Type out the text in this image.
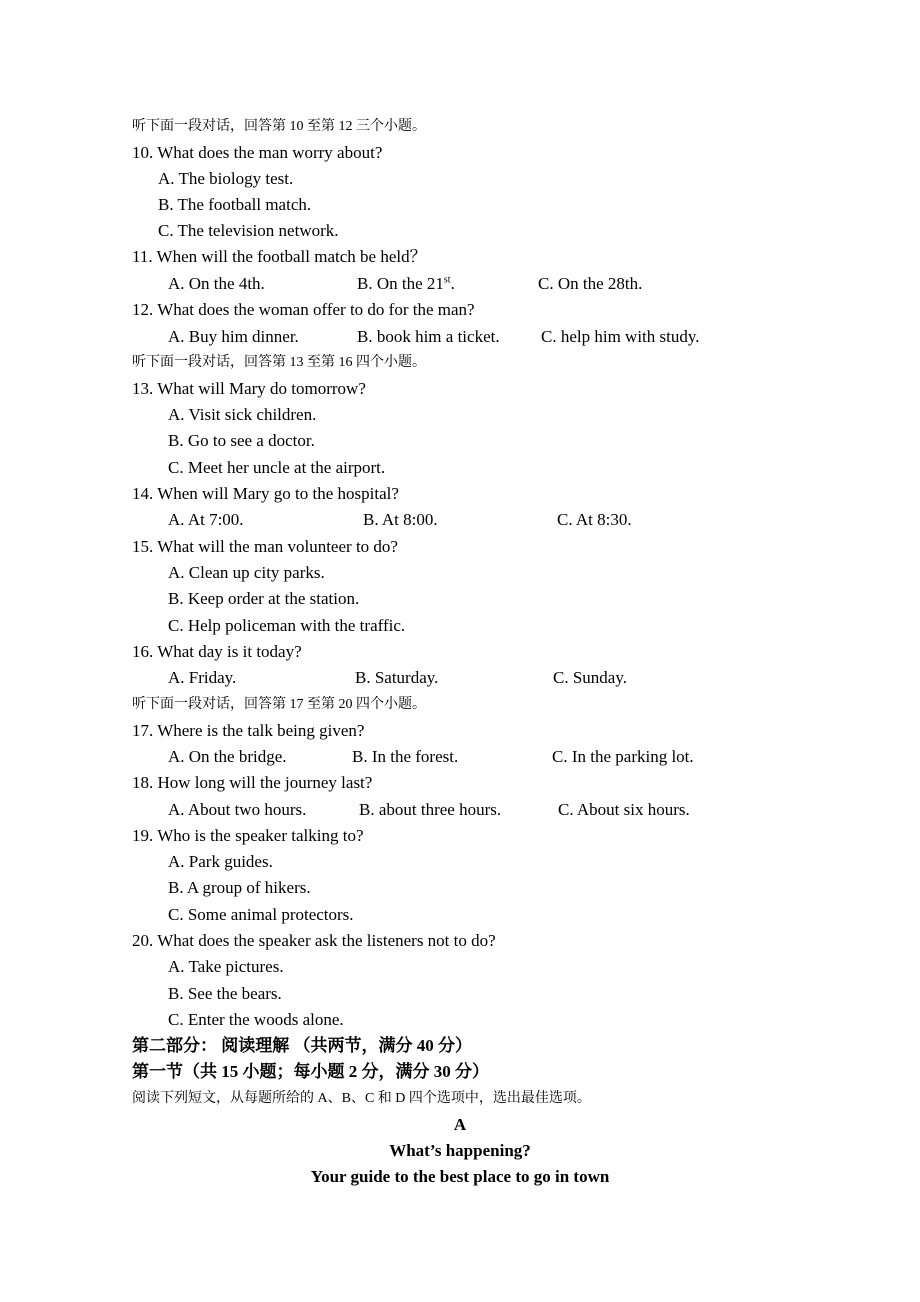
听下面一段对话，回答第 10 至第 12 三个小题。
10. What does the man worry about?
A. The biology test.
B. The football match.
C. The television network.
11. When will the football match be held？
A. On the 4th.	B. On the 21st.	C. On the 28th.
12. What does the woman offer to do for the man?
A. Buy him dinner.	B. book him a ticket. C. help him with study.
听下面一段对话，回答第 13 至第 16 四个小题。
13. What will Mary do tomorrow?
A. Visit sick children.
B. Go to see a doctor.
C. Meet her uncle at the airport.
14. When will Mary go to the hospital?
A. At 7:00.	B. At 8:00.	C. At 8:30.
15. What will the man volunteer to do?
A. Clean up city parks.
B. Keep order at the station.
C. Help policeman with the traffic.
16. What day is it today?
A. Friday.	B. Saturday.	C. Sunday.
听下面一段对话，回答第 17 至第 20 四个小题。
17. Where is the talk being given?
A. On the bridge.	B. In the forest.	C. In the parking lot.
18. How long will the journey last?
A. About two hours.	B. about three hours.	C. About six hours.
19. Who is the speaker talking to?
A. Park guides.
B. A group of hikers.
C. Some animal protectors.
20. What does the speaker ask the listeners not to do?
A. Take pictures.
B. See the bears.
C. Enter the woods alone.
第二部分： 阅读理解 （共两节，满分 40 分）
第一节（共 15 小题；每小题 2 分，满分 30 分）
阅读下列短文，从每题所给的 A、B、C 和 D 四个选项中，选出最佳选项。
A
What’s happening?
Your guide to the best place to go in town
